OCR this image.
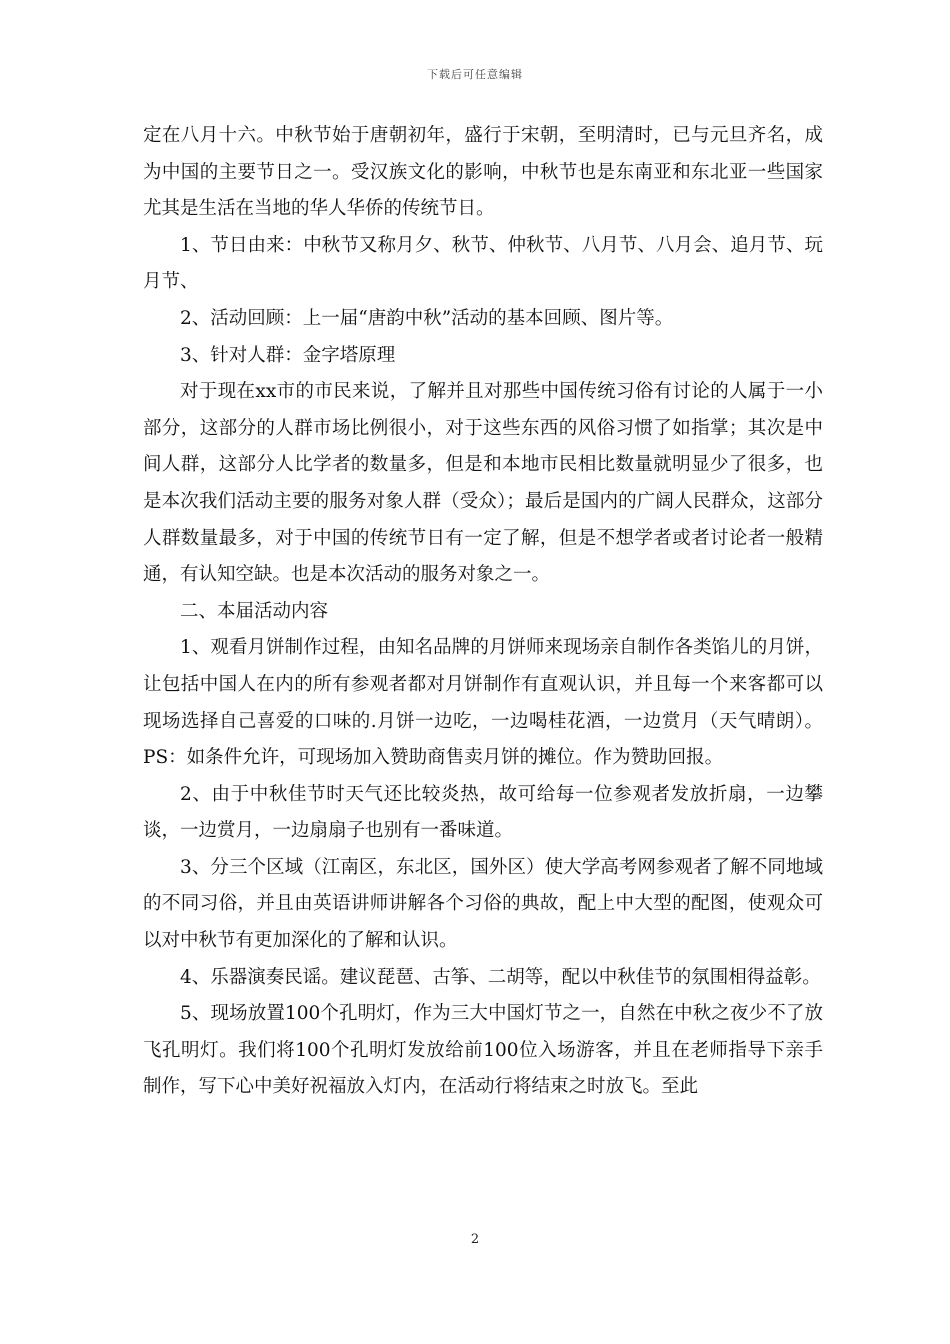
下载后可任意编辑

定在八月十六。中秋节始于唐朝初年，盛行于宋朝，至明清时，已与元旦齐名，成为中国的主要节日之一。受汉族文化的影响，中秋节也是东南亚和东北亚一些国家尤其是生活在当地的华人华侨的传统节日。

1、节日由来：中秋节又称月夕、秋节、仲秋节、八月节、八月会、追月节、玩月节、

2、活动回顾：上一届“唐韵中秋”活动的基本回顾、图片等。

3、针对人群：金字塔原理

对于现在xx市的市民来说，了解并且对那些中国传统习俗有讨论的人属于一小部分，这部分的人群市场比例很小，对于这些东西的风俗习惯了如指掌；其次是中间人群，这部分人比学者的数量多，但是和本地市民相比数量就明显少了很多，也是本次我们活动主要的服务对象人群（受众）；最后是国内的广阔人民群众，这部分人群数量最多，对于中国的传统节日有一定了解，但是不想学者或者讨论者一般精通，有认知空缺。也是本次活动的服务对象之一。

二、本届活动内容

1、观看月饼制作过程，由知名品牌的月饼师来现场亲自制作各类馅儿的月饼，让包括中国人在内的所有参观者都对月饼制作有直观认识，并且每一个来客都可以现场选择自己喜爱的口味的.月饼一边吃，一边喝桂花酒，一边赏月（天气晴朗）。PS：如条件允许，可现场加入赞助商售卖月饼的摊位。作为赞助回报。

2、由于中秋佳节时天气还比较炎热，故可给每一位参观者发放折扇，一边攀谈，一边赏月，一边扇扇子也别有一番味道。

3、分三个区域（江南区，东北区，国外区）使大学高考网参观者了解不同地域的不同习俗，并且由英语讲师讲解各个习俗的典故，配上中大型的配图，使观众可以对中秋节有更加深化的了解和认识。

4、乐器演奏民谣。建议琵琶、古筝、二胡等，配以中秋佳节的氛围相得益彰。

5、现场放置100个孔明灯，作为三大中国灯节之一，自然在中秋之夜少不了放飞孔明灯。我们将100个孔明灯发放给前100位入场游客，并且在老师指导下亲手制作，写下心中美好祝福放入灯内，在活动行将结束之时放飞。至此

2
